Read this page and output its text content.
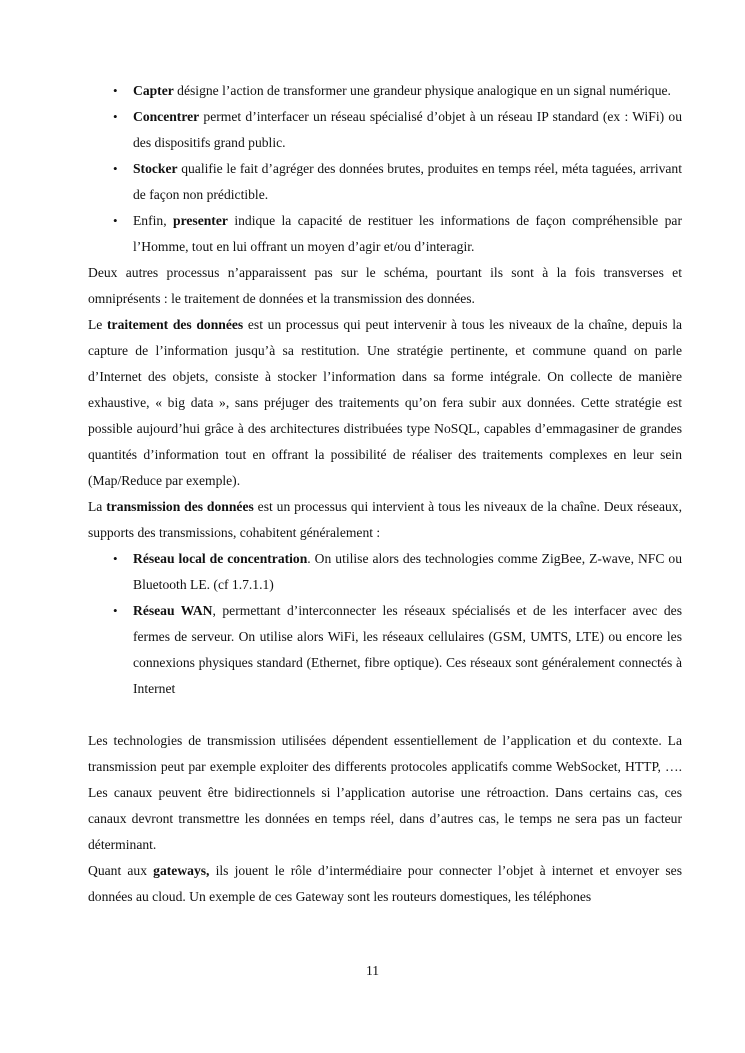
• Capter désigne l’action de transformer une grandeur physique analogique en un signal numérique.
• Concentrer permet d’interfacer un réseau spécialisé d’objet à un réseau IP standard (ex : WiFi) ou des dispositifs grand public.
• Stocker qualifie le fait d’agréger des données brutes, produites en temps réel, méta taguées, arrivant de façon non prédictible.
• Enfin, presenter indique la capacité de restituer les informations de façon compréhensible par l’Homme, tout en lui offrant un moyen d’agir et/ou d’interagir.

Deux autres processus n’apparaissent pas sur le schéma, pourtant ils sont à la fois transverses et omniprésents : le traitement de données et la transmission des données.

Le traitement des données est un processus qui peut intervenir à tous les niveaux de la chaîne, depuis la capture de l’information jusqu’à sa restitution. Une stratégie pertinente, et commune quand on parle d’Internet des objets, consiste à stocker l’information dans sa forme intégrale. On collecte de manière exhaustive, « big data », sans préjuger des traitements qu’on fera subir aux données. Cette stratégie est possible aujourd’hui grâce à des architectures distribuées type NoSQL, capables d’emmagasiner de grandes quantités d’information tout en offrant la possibilité de réaliser des traitements complexes en leur sein (Map/Reduce par exemple).

La transmission des données est un processus qui intervient à tous les niveaux de la chaîne. Deux réseaux, supports des transmissions, cohabitent généralement :

• Réseau local de concentration. On utilise alors des technologies comme ZigBee, Z-wave, NFC ou Bluetooth LE. (cf 1.7.1.1)
• Réseau WAN, permettant d’interconnecter les réseaux spécialisés et de les interfacer avec des fermes de serveur. On utilise alors WiFi, les réseaux cellulaires (GSM, UMTS, LTE) ou encore les connexions physiques standard (Ethernet, fibre optique). Ces réseaux sont généralement connectés à Internet

Les technologies de transmission utilisées dépendent essentiellement de l’application et du contexte. La transmission peut par exemple exploiter des differents protocoles applicatifs comme WebSocket, HTTP, …. Les canaux peuvent être bidirectionnels si l’application autorise une rétroaction. Dans certains cas, ces canaux devront transmettre les données en temps réel, dans d’autres cas, le temps ne sera pas un facteur déterminant.

Quant aux gateways, ils jouent le rôle d’intermédiaire pour connecter l’objet à internet et envoyer ses données au cloud. Un exemple de ces Gateway sont les routeurs domestiques, les téléphones

11
